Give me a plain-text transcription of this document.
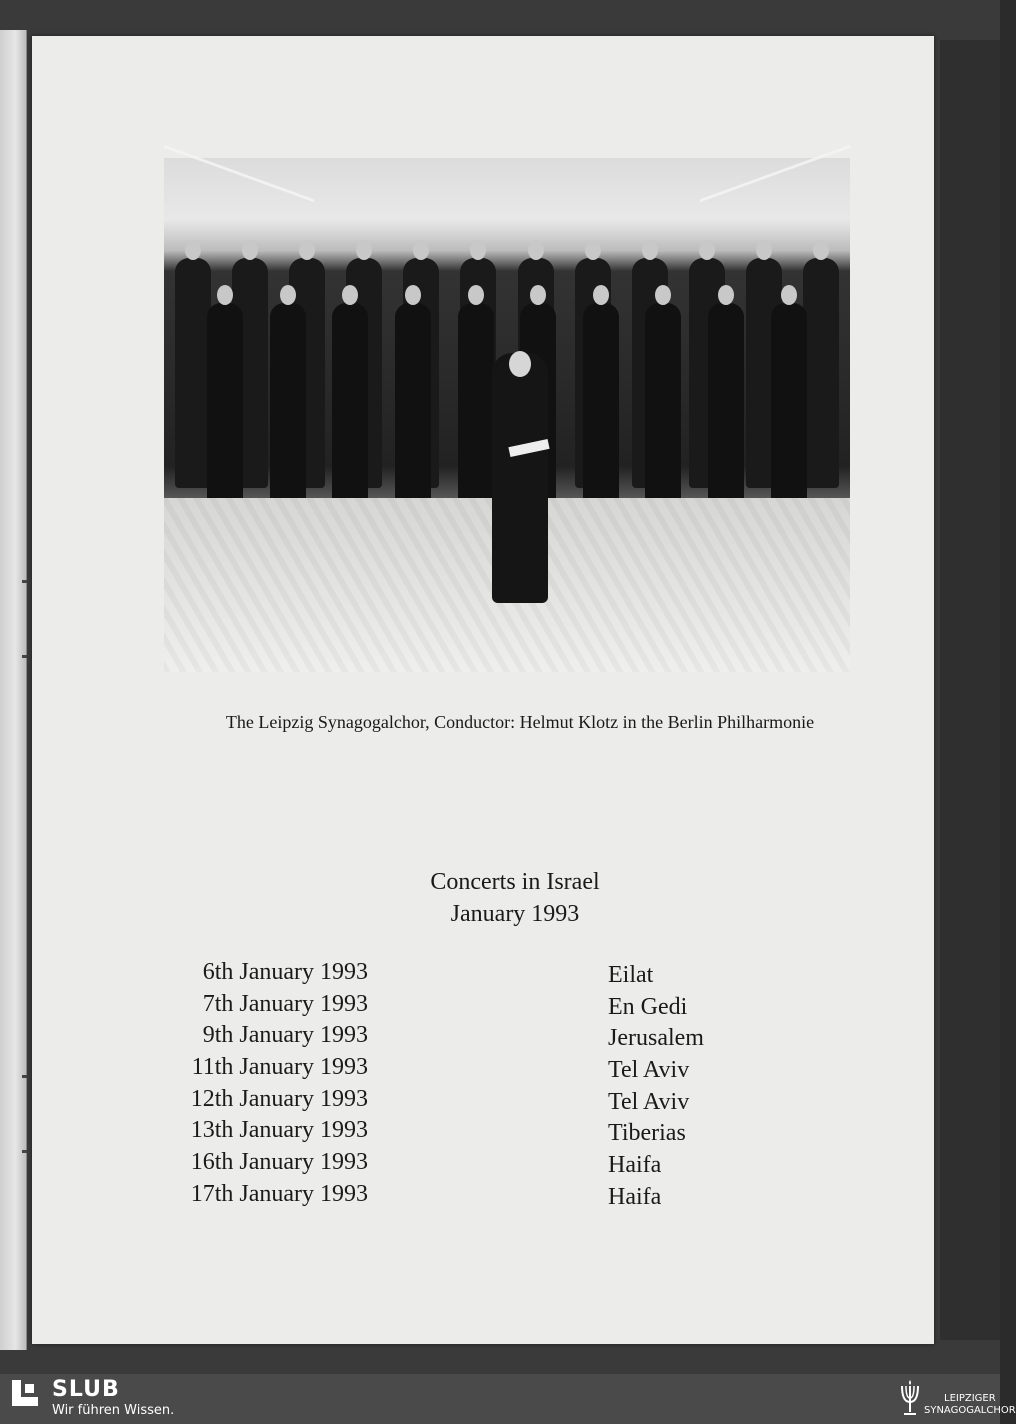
The Leipzig Synagogalchor, Conductor: Helmut Klotz in the Berlin Philharmonie
Concerts in Israel
January 1993
6th January 1993
7th January 1993
9th January 1993
11th January 1993
12th January 1993
13th January 1993
16th January 1993
17th January 1993
Eilat
En Gedi
Jerusalem
Tel Aviv
Tel Aviv
Tiberias
Haifa
Haifa
SLUB
Wir führen Wissen.
LEIPZIGER
SYNAGOGALCHOR
